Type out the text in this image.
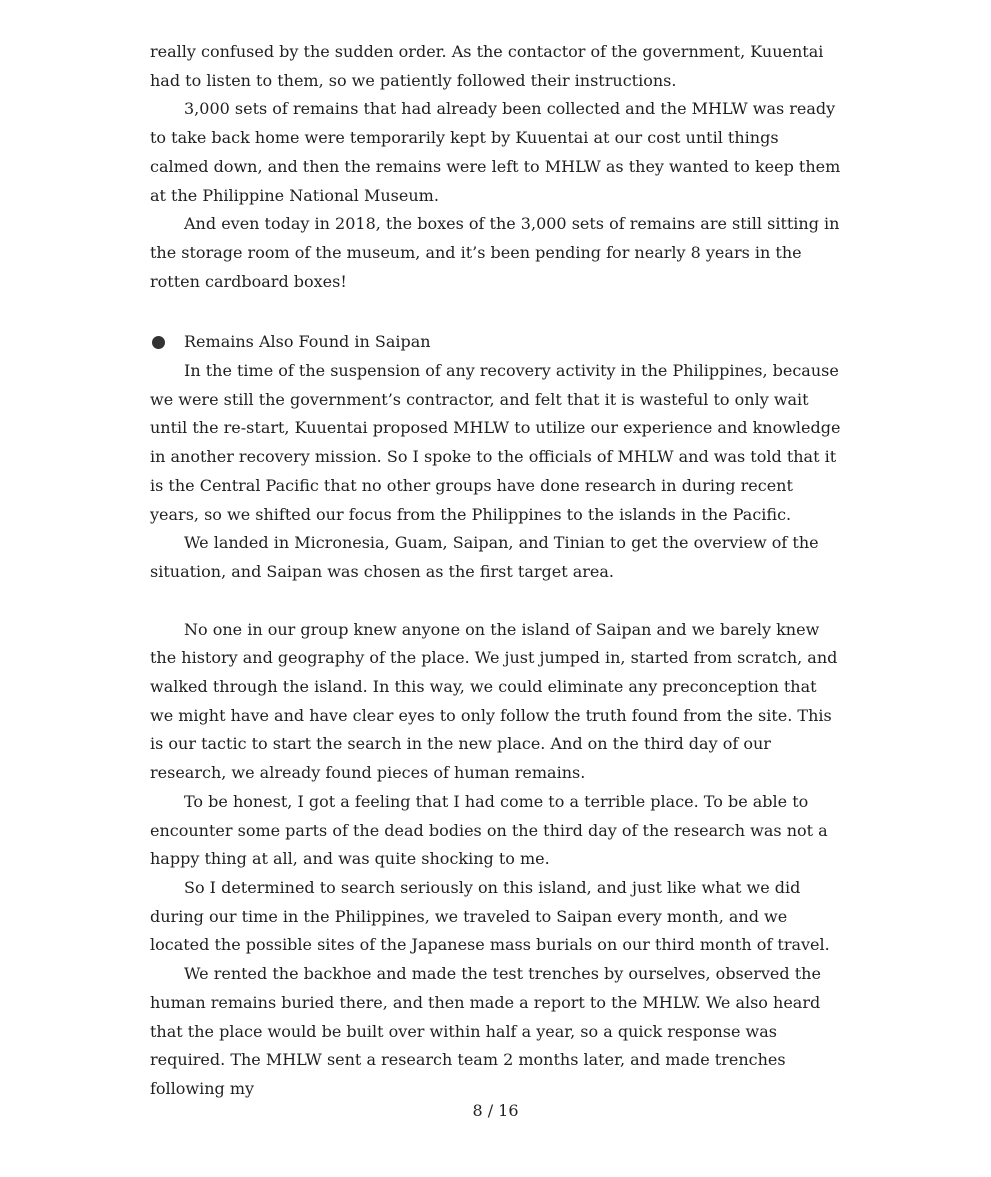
really confused by the sudden order. As the contactor of the government, Kuuentai had to listen to them, so we patiently followed their instructions.

3,000 sets of remains that had already been collected and the MHLW was ready to take back home were temporarily kept by Kuuentai at our cost until things calmed down, and then the remains were left to MHLW as they wanted to keep them at the Philippine National Museum.

And even today in 2018, the boxes of the 3,000 sets of remains are still sitting in the storage room of the museum, and it’s been pending for nearly 8 years in the rotten cardboard boxes!

Remains Also Found in Saipan

In the time of the suspension of any recovery activity in the Philippines, because we were still the government’s contractor, and felt that it is wasteful to only wait until the re-start, Kuuentai proposed MHLW to utilize our experience and knowledge in another recovery mission. So I spoke to the officials of MHLW and was told that it is the Central Pacific that no other groups have done research in during recent years, so we shifted our focus from the Philippines to the islands in the Pacific.

We landed in Micronesia, Guam, Saipan, and Tinian to get the overview of the situation, and Saipan was chosen as the first target area.

No one in our group knew anyone on the island of Saipan and we barely knew the history and geography of the place. We just jumped in, started from scratch, and walked through the island. In this way, we could eliminate any preconception that we might have and have clear eyes to only follow the truth found from the site. This is our tactic to start the search in the new place. And on the third day of our research, we already found pieces of human remains.

To be honest, I got a feeling that I had come to a terrible place. To be able to encounter some parts of the dead bodies on the third day of the research was not a happy thing at all, and was quite shocking to me.

So I determined to search seriously on this island, and just like what we did during our time in the Philippines, we traveled to Saipan every month, and we located the possible sites of the Japanese mass burials on our third month of travel.

We rented the backhoe and made the test trenches by ourselves, observed the human remains buried there, and then made a report to the MHLW. We also heard that the place would be built over within half a year, so a quick response was required. The MHLW sent a research team 2 months later, and made trenches following my

8 / 16
